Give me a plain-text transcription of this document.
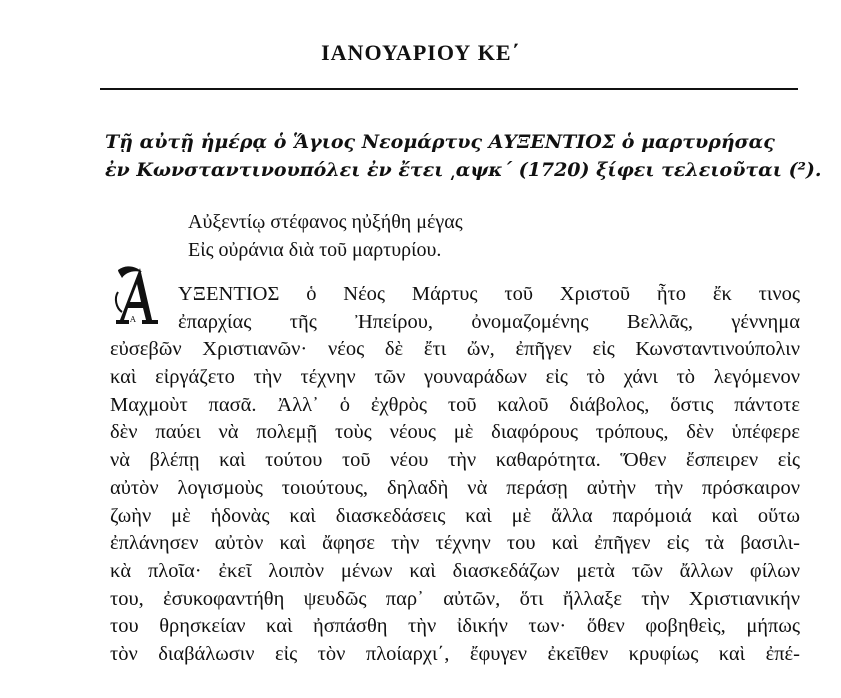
ΙΑΝΟΥΑΡΙΟΥ ΚΕ΄
Τῇ αὐτῇ ἡμέρᾳ ὁ Ἅγιος Νεομάρτυς ΑΥΞΕΝΤΙΟΣ ὁ μαρτυρήσας
ἐν Κωνσταντινουπόλει ἐν ἔτει ͵αψκ΄ (1720) ξίφει τελειοῦται (²).
Αὐξεντίῳ στέφανος ηὐξήθη μέγας
Εἰς οὐράνια διὰ τοῦ μαρτυρίου.
Α
ΥΞΕΝΤΙΟΣ ὁ Νέος Μάρτυς τοῦ Χριστοῦ ἦτο ἔκ τινος
ἐπαρχίας τῆς Ἠπείρου, ὀνομαζομένης Βελλᾶς, γέννημα
εὐσεβῶν Χριστιανῶν· νέος δὲ ἔτι ὤν, ἐπῆγεν εἰς Κωνσταντινούπολιν
καὶ εἰργάζετο τὴν τέχνην τῶν γουναράδων εἰς τὸ χάνι τὸ λεγόμενον
Μαχμοὺτ πασᾶ. Ἀλλ᾽ ὁ ἐχθρὸς τοῦ καλοῦ διάβολος, ὅστις πάντοτε
δὲν παύει νὰ πολεμῇ τοὺς νέους μὲ διαφόρους τρόπους, δὲν ὑπέφερε
νὰ βλέπῃ καὶ τούτου τοῦ νέου τὴν καθαρότητα. Ὅθεν ἔσπειρεν εἰς
αὐτὸν λογισμοὺς τοιούτους, δηλαδὴ νὰ περάσῃ αὐτὴν τὴν πρόσκαιρον
ζωὴν μὲ ἡδονὰς καὶ διασκεδάσεις καὶ μὲ ἄλλα παρόμοιά καὶ οὕτω
ἐπλάνησεν αὐτὸν καὶ ἄφησε τὴν τέχνην του καὶ ἐπῆγεν εἰς τὰ βασιλι-
κὰ πλοῖα· ἐκεῖ λοιπὸν μένων καὶ διασκεδάζων μετὰ τῶν ἄλλων φίλων
του, ἐσυκοφαντήθη ψευδῶς παρ᾽ αὐτῶν, ὅτι ἤλλαξε τὴν Χριστιανικήν
του θρησκείαν καὶ ἠσπάσθη τὴν ἰδικήν των· ὅθεν φοβηθεὶς, μήπως
τὸν διαβάλωσιν εἰς τὸν πλοίαρχι΄, ἔφυγεν ἐκεῖθεν κρυφίως καὶ ἐπέ-
